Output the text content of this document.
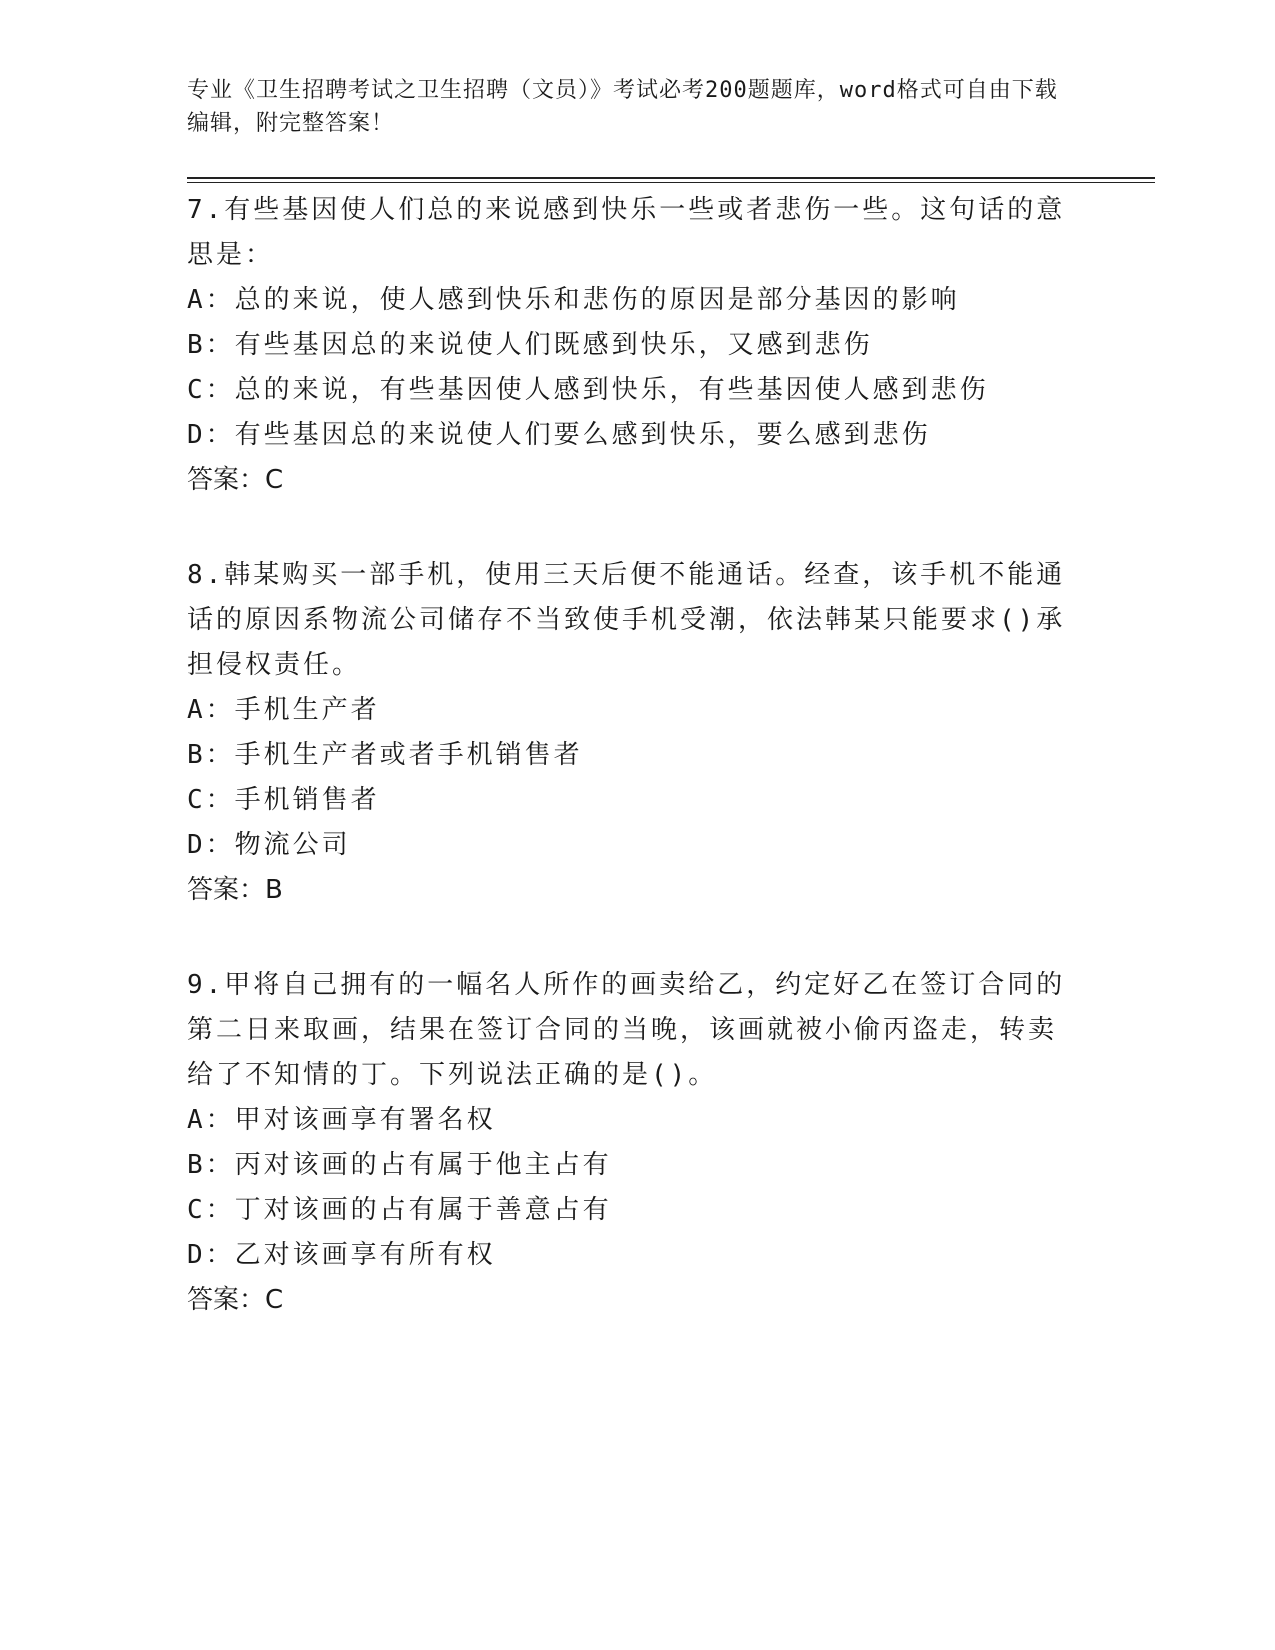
专业《卫生招聘考试之卫生招聘（文员）》考试必考200题题库，word格式可自由下载编辑，附完整答案！

7.有些基因使人们总的来说感到快乐一些或者悲伤一些。这句话的意思是：

A：总的来说，使人感到快乐和悲伤的原因是部分基因的影响

B：有些基因总的来说使人们既感到快乐，又感到悲伤

C：总的来说，有些基因使人感到快乐，有些基因使人感到悲伤

D：有些基因总的来说使人们要么感到快乐，要么感到悲伤

答案：C

8.韩某购买一部手机，使用三天后便不能通话。经查，该手机不能通话的原因系物流公司储存不当致使手机受潮，依法韩某只能要求()承担侵权责任。

A：手机生产者

B：手机生产者或者手机销售者

C：手机销售者

D：物流公司

答案：B

9.甲将自己拥有的一幅名人所作的画卖给乙，约定好乙在签订合同的第二日来取画，结果在签订合同的当晚，该画就被小偷丙盗走，转卖给了不知情的丁。下列说法正确的是()。

A：甲对该画享有署名权

B：丙对该画的占有属于他主占有

C：丁对该画的占有属于善意占有

D：乙对该画享有所有权

答案：C
